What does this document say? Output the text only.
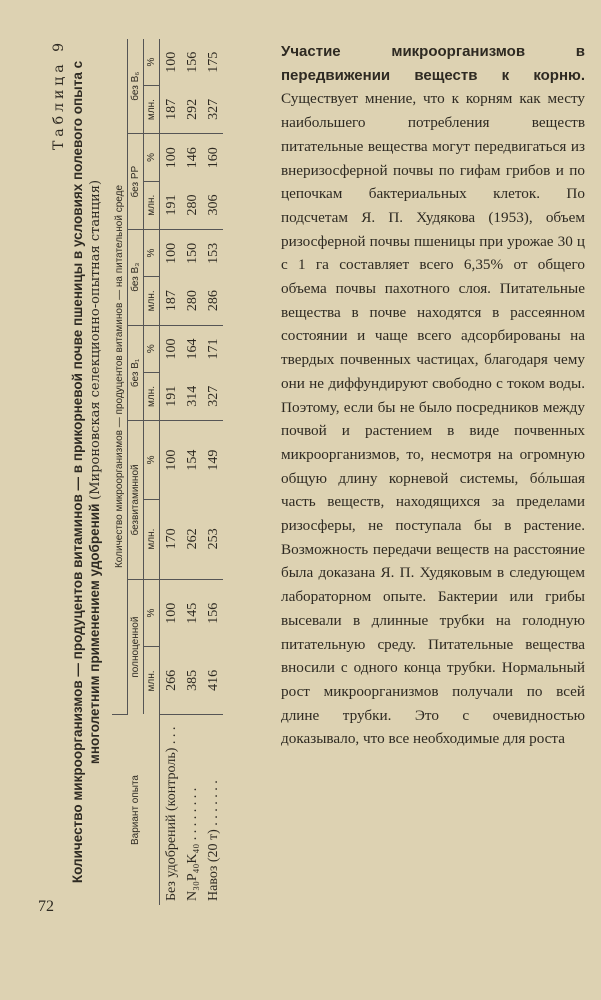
Таблица 9 Количество микроорганизмов — продуцентов витаминов — в прикорневой почве пшеницы в условиях полевого опыта с многолетним применением удобрений (Мироновская селекционно-опытная станция)
Вариант опыта	Количество микроорганизмов — продуцентов витаминов — на питательной среде											
	полноценной		безвитаминной		без B₁		без B₃		без PP		без B₆	
	млн.	%	млн.	%	млн.	%	млн.	%	млн.	%	млн.	%
Без удобрений (контроль) . . .	266	100	170	100	191	100	187	100	191	100	187	100
N₃₀P₄₀K₄₀ . . . . . . . .	385	145	262	154	314	164	280	150	280	146	292	156
Навоз (20 т) . . . . . . .	416	156	253	149	327	171	286	153	306	160	327	175
Участие микроорганизмов в передвижении веществ к корню. Существует мнение, что к корням как месту наибольшего потребления веществ питательные вещества могут передвигаться из внеризосферной почвы по гифам грибов и по цепочкам бактериальных клеток. По подсчетам Я. П. Худякова (1953), объем ризосферной почвы пшеницы при урожае 30 ц с 1 га составляет всего 6,35% от общего объема почвы пахотного слоя. Питательные вещества в почве находятся в рассеянном состоянии и чаще всего адсорбированы на твердых почвенных частицах, благодаря чему они не диффундируют свободно с током воды. Поэтому, если бы не было посредников между почвой и растением в виде почвенных микроорганизмов, то, несмотря на огромную общую длину корневой системы, бóльшая часть веществ, находящихся за пределами ризосферы, не поступала бы в растение. Возможность передачи веществ на расстояние была доказана Я. П. Худяковым в следующем лабораторном опыте. Бактерии или грибы высевали в длинные трубки на голодную питательную среду. Питательные вещества вносили с одного конца трубки. Нормальный рост микроорганизмов получали по всей длине трубки. Это с очевидностью доказывало, что все необходимые для роста
72
